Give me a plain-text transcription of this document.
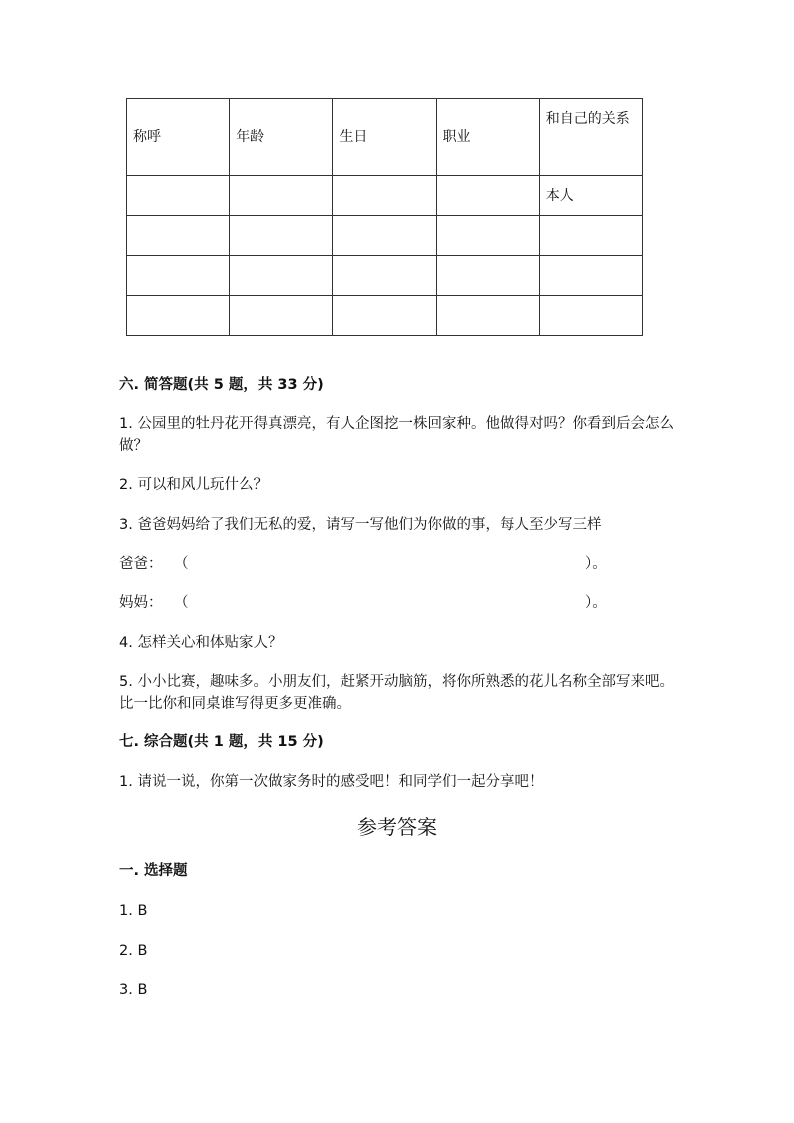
称呼	年龄	生日	职业	和自己的关系
				本人

六. 简答题(共 5 题，共 33 分)
1. 公园里的牡丹花开得真漂亮，有人企图挖一株回家种。他做得对吗？你看到后会怎么做？
2. 可以和风儿玩什么？
3. 爸爸妈妈给了我们无私的爱，请写一写他们为你做的事，每人至少写三样
爸爸： （	）。
妈妈： （	）。
4. 怎样关心和体贴家人？
5. 小小比赛，趣味多。小朋友们，赶紧开动脑筋，将你所熟悉的花儿名称全部写来吧。比一比你和同桌谁写得更多更准确。
七. 综合题(共 1 题，共 15 分)
1. 请说一说，你第一次做家务时的感受吧！和同学们一起分享吧！
参考答案
一. 选择题
1. B
2. B
3. B
